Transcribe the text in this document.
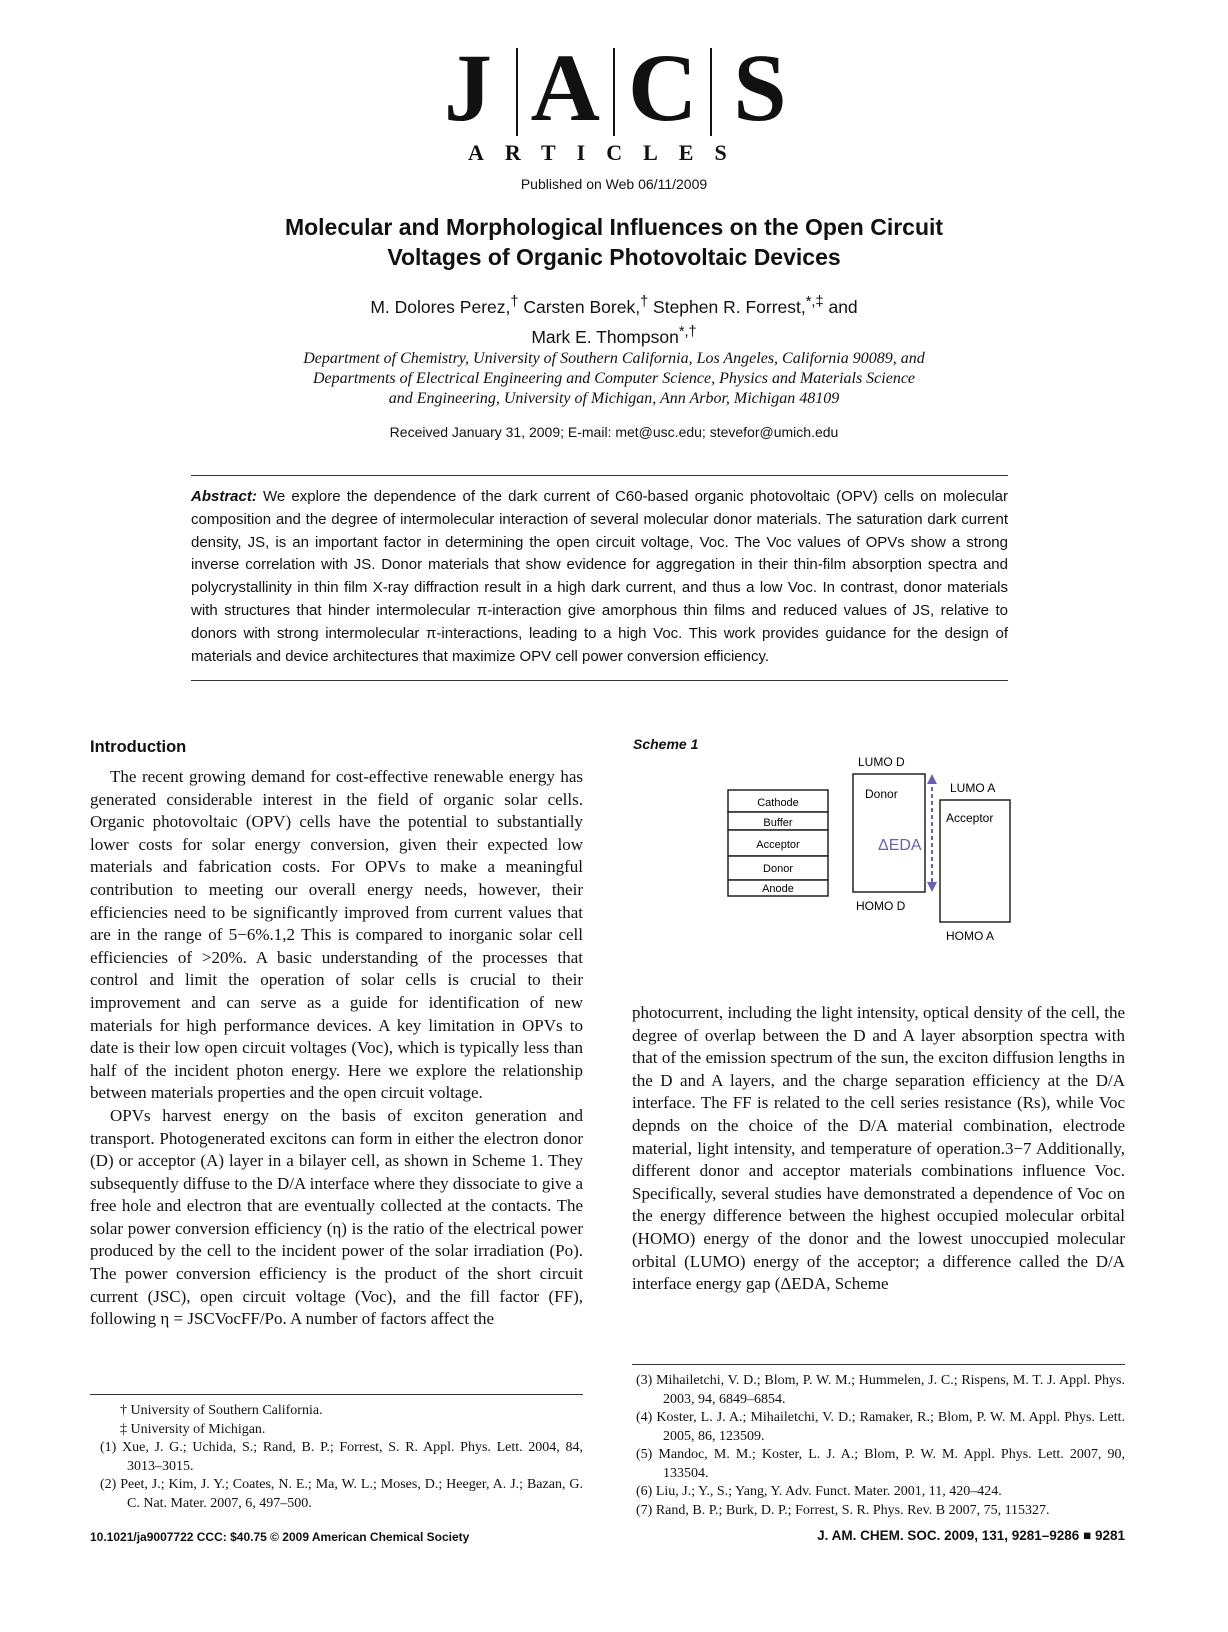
J A C S
ARTICLES
Published on Web 06/11/2009
Molecular and Morphological Influences on the Open Circuit
Voltages of Organic Photovoltaic Devices
M. Dolores Perez,† Carsten Borek,† Stephen R. Forrest,*,‡ and
Mark E. Thompson*,†
Department of Chemistry, University of Southern California, Los Angeles, California 90089, and
Departments of Electrical Engineering and Computer Science, Physics and Materials Science
and Engineering, University of Michigan, Ann Arbor, Michigan 48109
Received January 31, 2009; E-mail: met@usc.edu; stevefor@umich.edu
Abstract: We explore the dependence of the dark current of C60-based organic photovoltaic (OPV) cells on molecular composition and the degree of intermolecular interaction of several molecular donor materials. The saturation dark current density, JS, is an important factor in determining the open circuit voltage, Voc. The Voc values of OPVs show a strong inverse correlation with JS. Donor materials that show evidence for aggregation in their thin-film absorption spectra and polycrystallinity in thin film X-ray diffraction result in a high dark current, and thus a low Voc. In contrast, donor materials with structures that hinder intermolecular π-interaction give amorphous thin films and reduced values of JS, relative to donors with strong intermolecular π-interactions, leading to a high Voc. This work provides guidance for the design of materials and device architectures that maximize OPV cell power conversion efficiency.
Introduction

The recent growing demand for cost-effective renewable energy has generated considerable interest in the field of organic solar cells. Organic photovoltaic (OPV) cells have the potential to substantially lower costs for solar energy conversion, given their expected low materials and fabrication costs. For OPVs to make a meaningful contribution to meeting our overall energy needs, however, their efficiencies need to be significantly improved from current values that are in the range of 5−6%.1,2 This is compared to inorganic solar cell efficiencies of >20%. A basic understanding of the processes that control and limit the operation of solar cells is crucial to their improvement and can serve as a guide for identification of new materials for high performance devices. A key limitation in OPVs to date is their low open circuit voltages (Voc), which is typically less than half of the incident photon energy. Here we explore the relationship between materials properties and the open circuit voltage.

OPVs harvest energy on the basis of exciton generation and transport. Photogenerated excitons can form in either the electron donor (D) or acceptor (A) layer in a bilayer cell, as shown in Scheme 1. They subsequently diffuse to the D/A interface where they dissociate to give a free hole and electron that are eventually collected at the contacts. The solar power conversion efficiency (η) is the ratio of the electrical power produced by the cell to the incident power of the solar irradiation (Po). The power conversion efficiency is the product of the short circuit current (JSC), open circuit voltage (Voc), and the fill factor (FF), following η = JSCVocFF/Po. A number of factors affect the

† University of Southern California.
‡ University of Michigan.
(1) Xue, J. G.; Uchida, S.; Rand, B. P.; Forrest, S. R. Appl. Phys. Lett. 2004, 84, 3013–3015.
(2) Peet, J.; Kim, J. Y.; Coates, N. E.; Ma, W. L.; Moses, D.; Heeger, A. J.; Bazan, G. C. Nat. Mater. 2007, 6, 497–500.
Scheme 1
Cathode
Buffer
Acceptor
Donor
Anode
LUMO D
Donor
ΔEDA
HOMO D
LUMO A
Acceptor
HOMO A

photocurrent, including the light intensity, optical density of the cell, the degree of overlap between the D and A layer absorption spectra with that of the emission spectrum of the sun, the exciton diffusion lengths in the D and A layers, and the charge separation efficiency at the D/A interface. The FF is related to the cell series resistance (Rs), while Voc depnds on the choice of the D/A material combination, electrode material, light intensity, and temperature of operation.3−7 Additionally, different donor and acceptor materials combinations influence Voc. Specifically, several studies have demonstrated a dependence of Voc on the energy difference between the highest occupied molecular orbital (HOMO) energy of the donor and the lowest unoccupied molecular orbital (LUMO) energy of the acceptor; a difference called the D/A interface energy gap (ΔEDA, Scheme

(3) Mihailetchi, V. D.; Blom, P. W. M.; Hummelen, J. C.; Rispens, M. T. J. Appl. Phys. 2003, 94, 6849–6854.
(4) Koster, L. J. A.; Mihailetchi, V. D.; Ramaker, R.; Blom, P. W. M. Appl. Phys. Lett. 2005, 86, 123509.
(5) Mandoc, M. M.; Koster, L. J. A.; Blom, P. W. M. Appl. Phys. Lett. 2007, 90, 133504.
(6) Liu, J.; Y., S.; Yang, Y. Adv. Funct. Mater. 2001, 11, 420–424.
(7) Rand, B. P.; Burk, D. P.; Forrest, S. R. Phys. Rev. B 2007, 75, 115327.
10.1021/ja9007722 CCC: $40.75 © 2009 American Chemical Society	J. AM. CHEM. SOC. 2009, 131, 9281–9286 ■ 9281
